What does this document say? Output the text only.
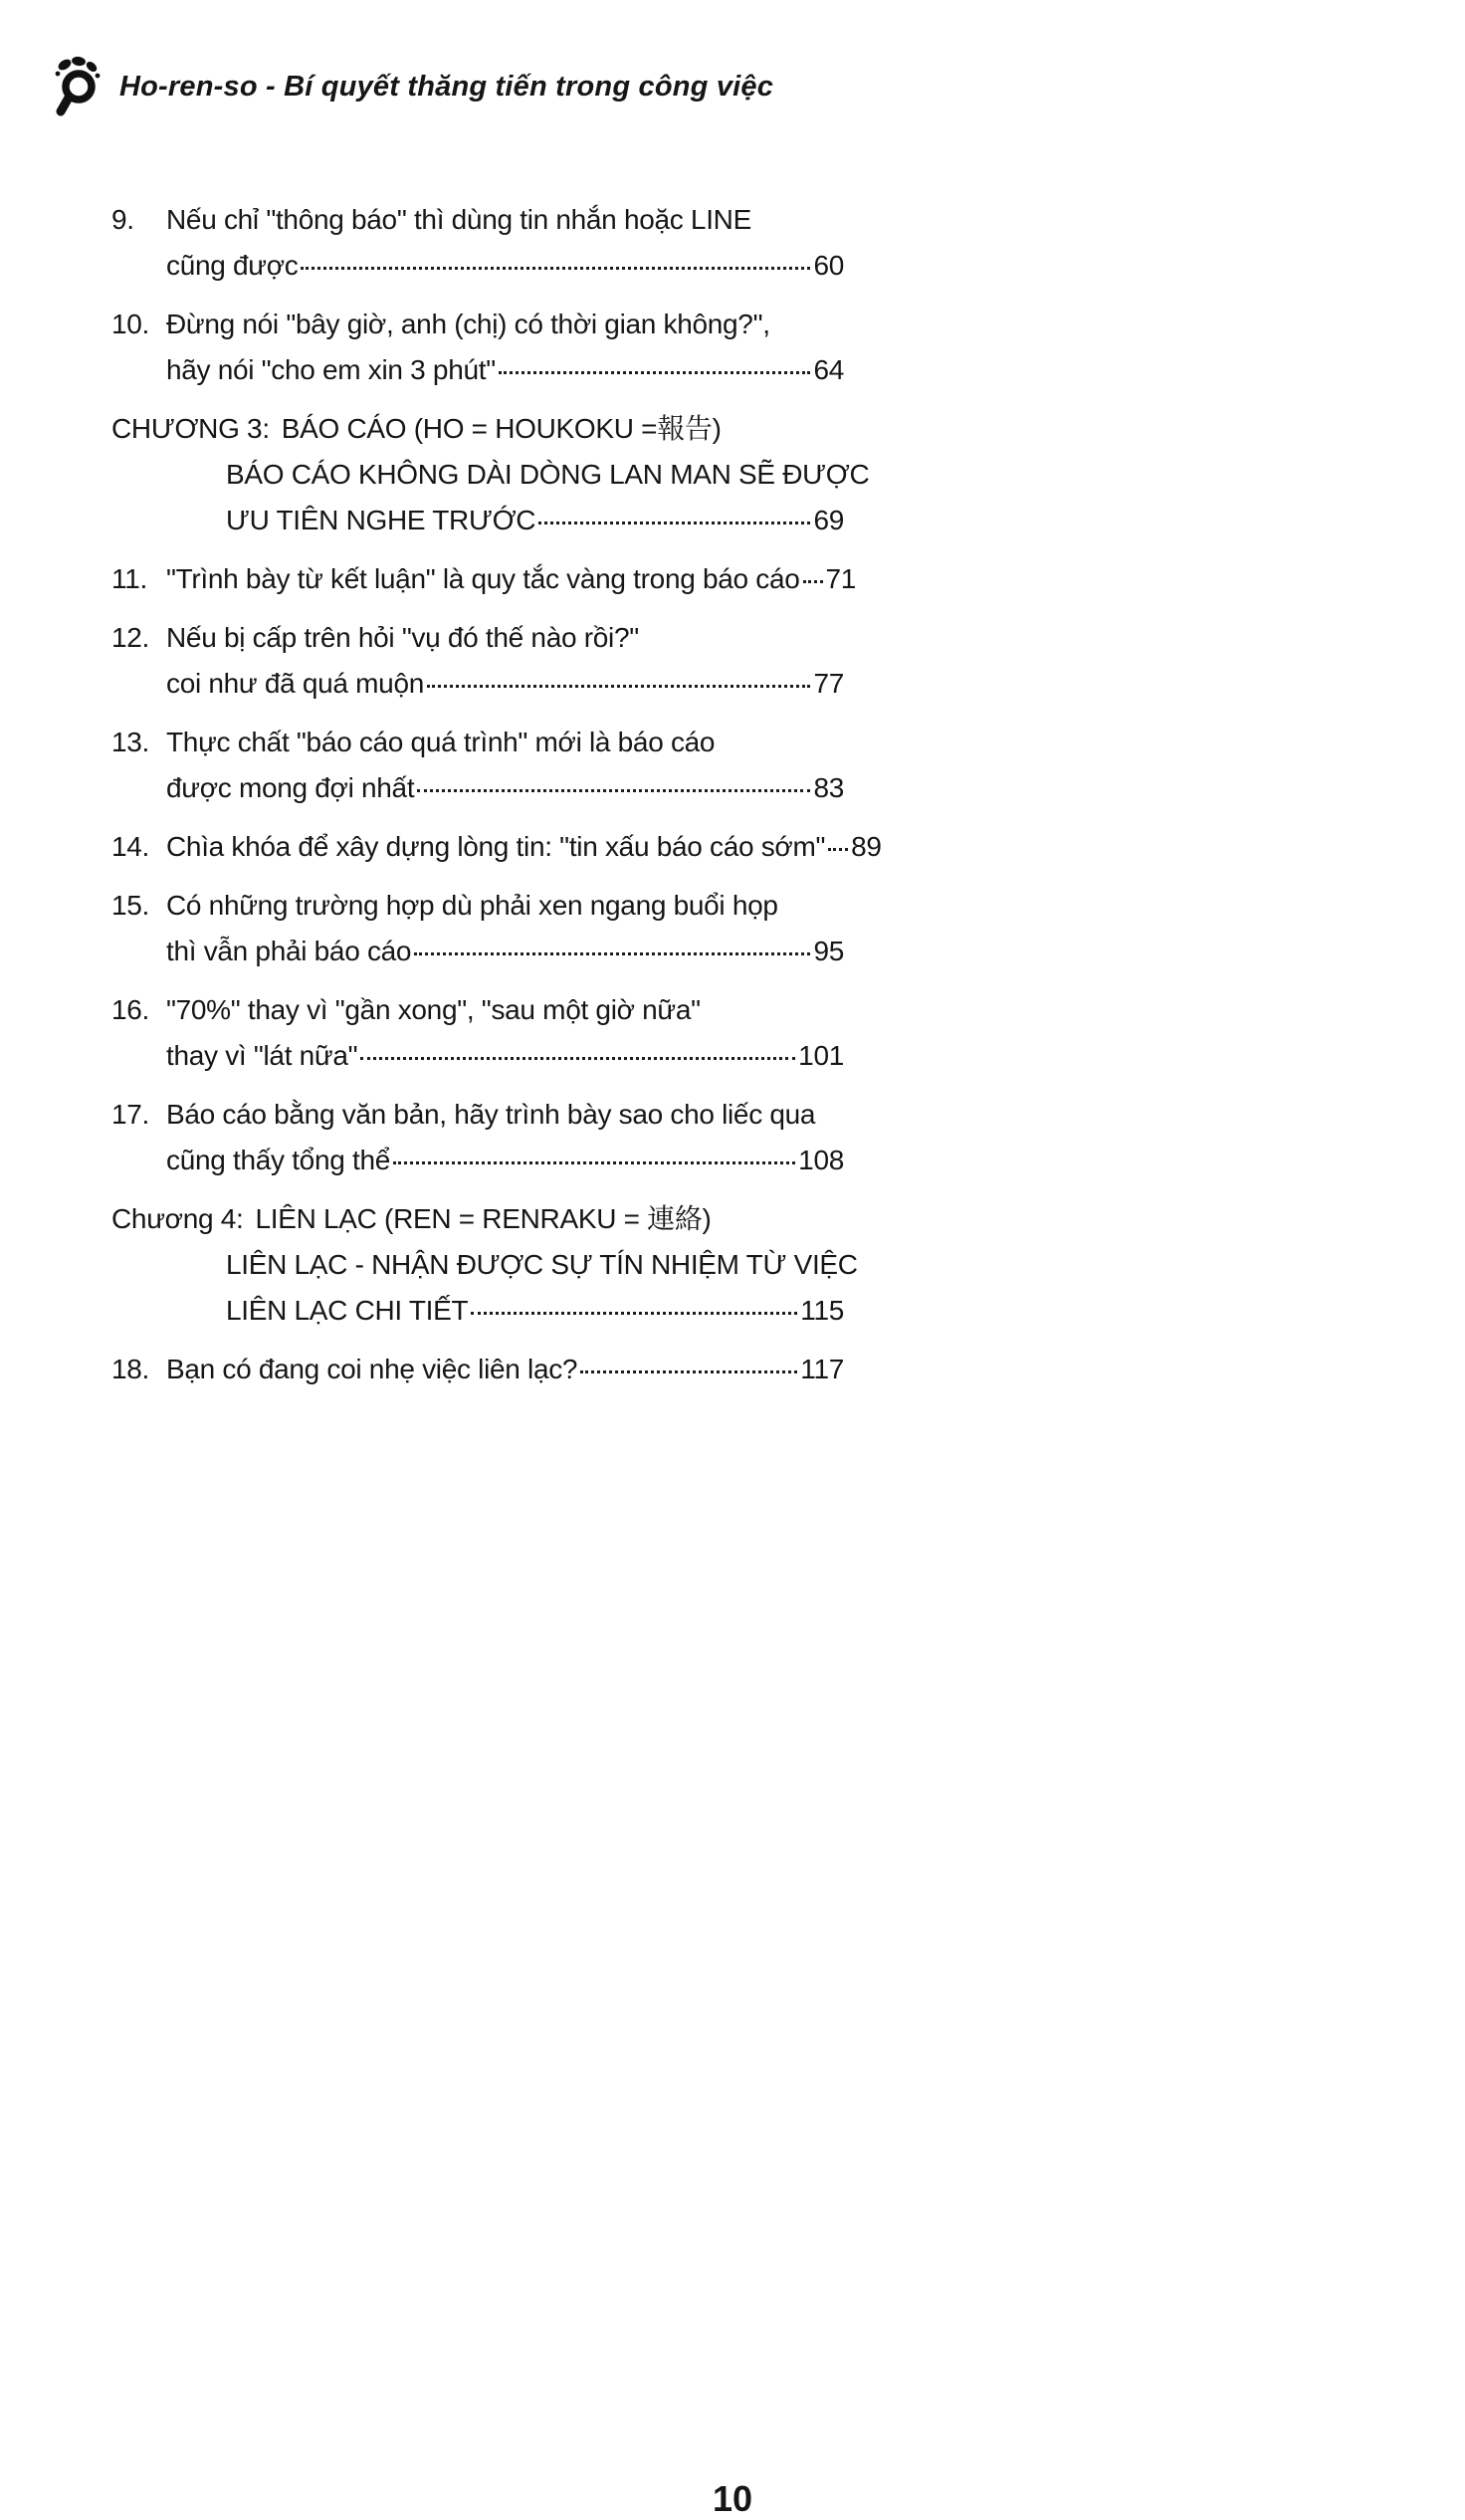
Ho-ren-so - Bí quyết thăng tiến trong công việc
9.	Nếu chỉ "thông báo" thì dùng tin nhắn hoặc LINE
cũng được	60
10. Đừng nói "bây giờ, anh (chị) có thời gian không?",
hãy nói "cho em xin 3 phút"	64
CHƯƠNG 3: BÁO CÁO (HO = HOUKOKU =報告)
BÁO CÁO KHÔNG DÀI DÒNG LAN MAN SẼ ĐƯỢC
ƯU TIÊN NGHE TRƯỚC	69
11. "Trình bày từ kết luận" là quy tắc vàng trong báo cáo 71
12. Nếu bị cấp trên hỏi "vụ đó thế nào rồi?"
coi như đã quá muộn	77
13. Thực chất "báo cáo quá trình" mới là báo cáo
được mong đợi nhất	83
14. Chìa khóa để xây dựng lòng tin: "tin xấu báo cáo sớm" 89
15. Có những trường hợp dù phải xen ngang buổi họp
thì vẫn phải báo cáo	95
16. "70%" thay vì "gần xong", "sau một giờ nữa"
thay vì "lát nữa"	101
17. Báo cáo bằng văn bản, hãy trình bày sao cho liếc qua
cũng thấy tổng thể	108
Chương 4: LIÊN LẠC (REN = RENRAKU = 連絡)
LIÊN LẠC - NHẬN ĐƯỢC SỰ TÍN NHIỆM TỪ VIỆC
LIÊN LẠC CHI TIẾT	115
18. Bạn có đang coi nhẹ việc liên lạc?	117
10
